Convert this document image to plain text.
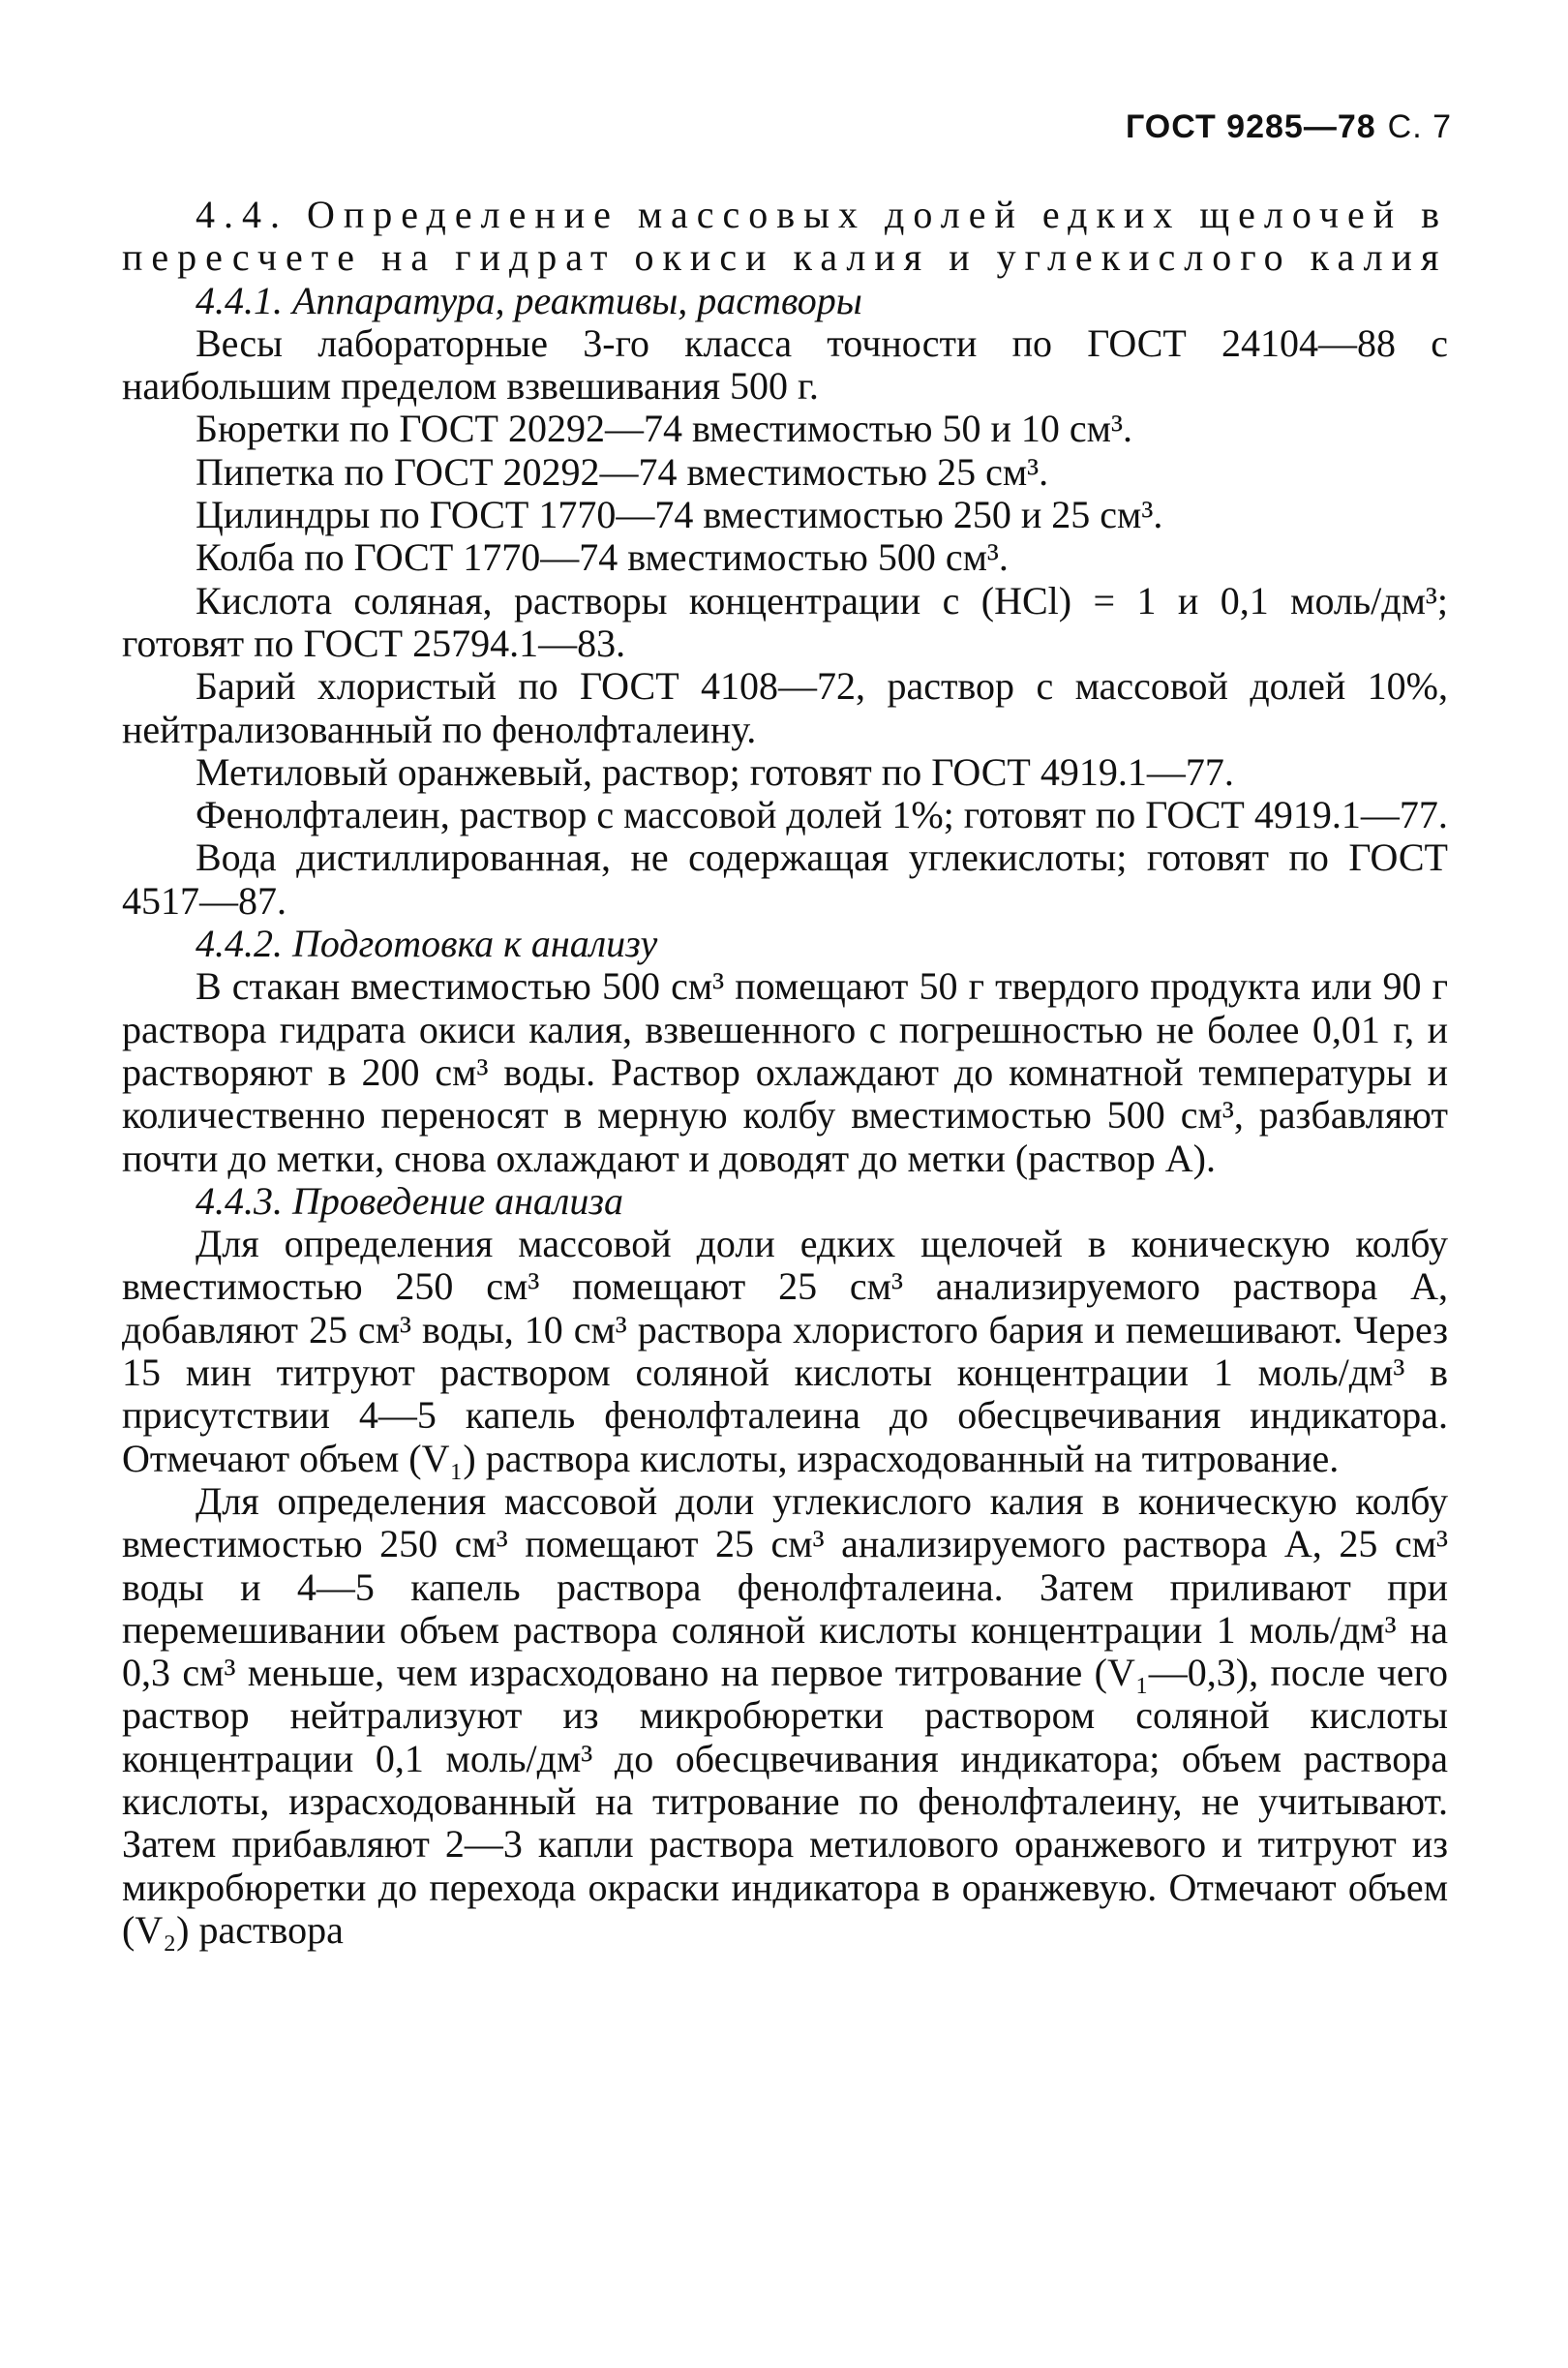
ГОСТ 9285—78 С. 7

4.4. Определение массовых долей едких щелочей в пересчете на гидрат окиси калия и углекислого калия

4.4.1. Аппаратура, реактивы, растворы

Весы лабораторные 3-го класса точности по ГОСТ 24104—88 с наибольшим пределом взвешивания 500 г.

Бюретки по ГОСТ 20292—74 вместимостью 50 и 10 см³.

Пипетка по ГОСТ 20292—74 вместимостью 25 см³.

Цилиндры по ГОСТ 1770—74 вместимостью 250 и 25 см³.

Колба по ГОСТ 1770—74 вместимостью 500 см³.

Кислота соляная, растворы концентрации c (HCl) = 1 и 0,1 моль/дм³; готовят по ГОСТ 25794.1—83.

Барий хлористый по ГОСТ 4108—72, раствор с массовой долей 10%, нейтрализованный по фенолфталеину.

Метиловый оранжевый, раствор; готовят по ГОСТ 4919.1—77.

Фенолфталеин, раствор с массовой долей 1%; готовят по ГОСТ 4919.1—77.

Вода дистиллированная, не содержащая углекислоты; готовят по ГОСТ 4517—87.

4.4.2. Подготовка к анализу

В стакан вместимостью 500 см³ помещают 50 г твердого продукта или 90 г раствора гидрата окиси калия, взвешенного с погрешностью не более 0,01 г, и растворяют в 200 см³ воды. Раствор охлаждают до комнатной температуры и количественно переносят в мерную колбу вместимостью 500 см³, разбавляют почти до метки, снова охлаждают и доводят до метки (раствор А).

4.4.3. Проведение анализа

Для определения массовой доли едких щелочей в коническую колбу вместимостью 250 см³ помещают 25 см³ анализируемого раствора А, добавляют 25 см³ воды, 10 см³ раствора хлористого бария и пемешивают. Через 15 мин титруют раствором соляной кислоты концентрации 1 моль/дм³ в присутствии 4—5 капель фенолфталеина до обесцвечивания индикатора. Отмечают объем (V₁) раствора кислоты, израсходованный на титрование.

Для определения массовой доли углекислого калия в коническую колбу вместимостью 250 см³ помещают 25 см³ анализируемого раствора А, 25 см³ воды и 4—5 капель раствора фенолфталеина. Затем приливают при перемешивании объем раствора соляной кислоты концентрации 1 моль/дм³ на 0,3 см³ меньше, чем израсходовано на первое титрование (V₁—0,3), после чего раствор нейтрализуют из микробюретки раствором соляной кислоты концентрации 0,1 моль/дм³ до обесцвечивания индикатора; объем раствора кислоты, израсходованный на титрование по фенолфталеину, не учитывают. Затем прибавляют 2—3 капли раствора метилового оранжевого и титруют из микробюретки до перехода окраски индикатора в оранжевую. Отмечают объем (V₂) раствора
